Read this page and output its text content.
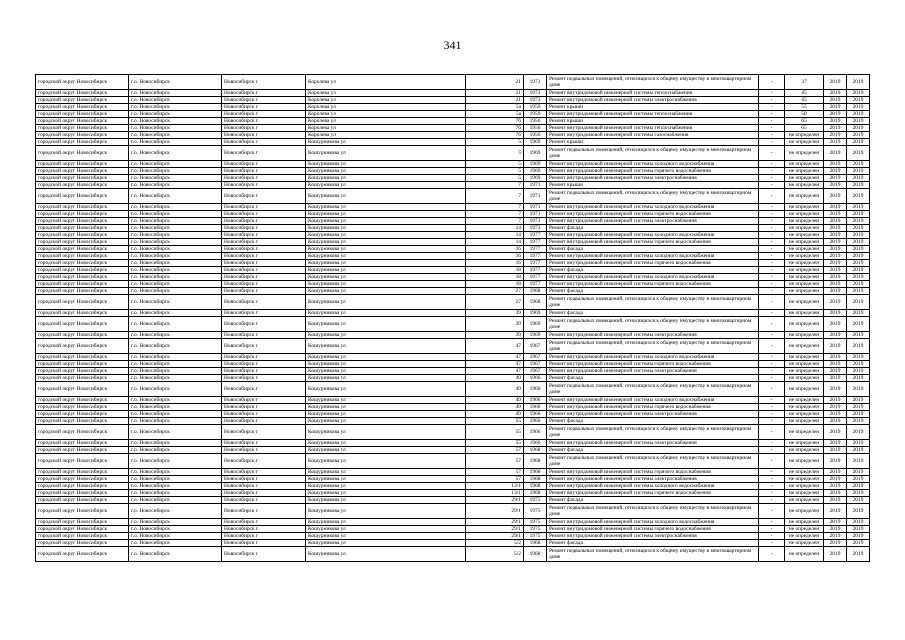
341
городской округ Новосибирск	г.о. Новосибирск	Новосибирск г	Королева ул	21	1973	Ремонт подвальных помещений, относящихся к общему имуществу в многоквартирном доме	-	37	2019	2019
городской округ Новосибирск	г.о. Новосибирск	Новосибирск г	Королева ул	21	1973	Ремонт внутридомовой инженерной системы теплоснабжения	-	45	2019	2019
городской округ Новосибирск	г.о. Новосибирск	Новосибирск г	Королева ул	21	1973	Ремонт внутридомовой инженерной системы электроснабжения	-	45	2019	2019
городской округ Новосибирск	г.о. Новосибирск	Новосибирск г	Королева ул	5а	1959	Ремонт крыши	-	55	2019	2019
городской округ Новосибирск	г.о. Новосибирск	Новосибирск г	Королева ул	5а	1959	Ремонт внутридомовой инженерной системы теплоснабжения	-	50	2019	2019
городской округ Новосибирск	г.о. Новосибирск	Новосибирск г	Королева ул	7б	1956	Ремонт крыши	-	65	2019	2019
городской округ Новосибирск	г.о. Новосибирск	Новосибирск г	Королева ул	7б	1956	Ремонт внутридомовой инженерной системы теплоснабжения	-	65	2019	2019
городской округ Новосибирск	г.о. Новосибирск	Новосибирск г	Королева ул	7б	1956	Ремонт внутридомовой инженерной системы газоснабжения	-	не определен	2019	2019
городской округ Новосибирск	г.о. Новосибирск	Новосибирск г	Кошурникова ул	5	1969	Ремонт крыши	-	не определен	2019	2019
городской округ Новосибирск	г.о. Новосибирск	Новосибирск г	Кошурникова ул	5	1969	Ремонт подвальных помещений, относящихся к общему имуществу в многоквартирном доме	-	не определен	2019	2019
городской округ Новосибирск	г.о. Новосибирск	Новосибирск г	Кошурникова ул	5	1969	Ремонт внутридомовой инженерной системы холодного водоснабжения	-	не определен	2019	2019
городской округ Новосибирск	г.о. Новосибирск	Новосибирск г	Кошурникова ул	5	1969	Ремонт внутридомовой инженерной системы горячего водоснабжения	-	не определен	2019	2019
городской округ Новосибирск	г.о. Новосибирск	Новосибирск г	Кошурникова ул	5	1969	Ремонт внутридомовой инженерной системы электроснабжения	-	не определен	2019	2019
городской округ Новосибирск	г.о. Новосибирск	Новосибирск г	Кошурникова ул	7	1971	Ремонт крыши	-	не определен	2019	2019
городской округ Новосибирск	г.о. Новосибирск	Новосибирск г	Кошурникова ул	7	1971	Ремонт подвальных помещений, относящихся к общему имуществу в многоквартирном доме	-	не определен	2019	2019
городской округ Новосибирск	г.о. Новосибирск	Новосибирск г	Кошурникова ул	7	1971	Ремонт внутридомовой инженерной системы холодного водоснабжения	-	не определен	2019	2019
городской округ Новосибирск	г.о. Новосибирск	Новосибирск г	Кошурникова ул	7	1971	Ремонт внутридомовой инженерной системы горячего водоснабжения	-	не определен	2019	2019
городской округ Новосибирск	г.о. Новосибирск	Новосибирск г	Кошурникова ул	7	1971	Ремонт внутридомовой инженерной системы электроснабжения	-	не определен	2019	2019
городской округ Новосибирск	г.о. Новосибирск	Новосибирск г	Кошурникова ул	14	1973	Ремонт фасада	-	не определен	2019	2019
городской округ Новосибирск	г.о. Новосибирск	Новосибирск г	Кошурникова ул	14	1977	Ремонт внутридомовой инженерной системы холодного водоснабжения	-	не определен	2019	2019
городской округ Новосибирск	г.о. Новосибирск	Новосибирск г	Кошурникова ул	14	1977	Ремонт внутридомовой инженерной системы горячего водоснабжения	-	не определен	2019	2019
городской округ Новосибирск	г.о. Новосибирск	Новосибирск г	Кошурникова ул	16	1977	Ремонт фасада	-	не определен	2019	2019
городской округ Новосибирск	г.о. Новосибирск	Новосибирск г	Кошурникова ул	16	1977	Ремонт внутридомовой инженерной системы холодного водоснабжения	-	не определен	2019	2019
городской округ Новосибирск	г.о. Новосибирск	Новосибирск г	Кошурникова ул	16	1977	Ремонт внутридомовой инженерной системы горячего водоснабжения	-	не определен	2019	2019
городской округ Новосибирск	г.о. Новосибирск	Новосибирск г	Кошурникова ул	18	1977	Ремонт фасада	-	не определен	2019	2019
городской округ Новосибирск	г.о. Новосибирск	Новосибирск г	Кошурникова ул	18	1977	Ремонт внутридомовой инженерной системы холодного водоснабжения	-	не определен	2019	2019
городской округ Новосибирск	г.о. Новосибирск	Новосибирск г	Кошурникова ул	18	1977	Ремонт внутридомовой инженерной системы горячего водоснабжения	-	не определен	2019	2019
городской округ Новосибирск	г.о. Новосибирск	Новосибирск г	Кошурникова ул	27	1968	Ремонт фасада	-	не определен	2019	2019
городской округ Новосибирск	г.о. Новосибирск	Новосибирск г	Кошурникова ул	27	1968	Ремонт подвальных помещений, относящихся к общему имуществу в многоквартирном доме	-	не определен	2019	2019
городской округ Новосибирск	г.о. Новосибирск	Новосибирск г	Кошурникова ул	39	1969	Ремонт фасада	-	не определен	2019	2019
городской округ Новосибирск	г.о. Новосибирск	Новосибирск г	Кошурникова ул	39	1969	Ремонт подвальных помещений, относящихся к общему имуществу в многоквартирном доме	-	не определен	2019	2019
городской округ Новосибирск	г.о. Новосибирск	Новосибирск г	Кошурникова ул	39	1969	Ремонт внутридомовой инженерной системы электроснабжения	-	не определен	2019	2019
городской округ Новосибирск	г.о. Новосибирск	Новосибирск г	Кошурникова ул	47	1967	Ремонт подвальных помещений, относящихся к общему имуществу в многоквартирном доме	-	не определен	2019	2019
городской округ Новосибирск	г.о. Новосибирск	Новосибирск г	Кошурникова ул	47	1967	Ремонт внутридомовой инженерной системы холодного водоснабжения	-	не определен	2019	2019
городской округ Новосибирск	г.о. Новосибирск	Новосибирск г	Кошурникова ул	47	1967	Ремонт внутридомовой инженерной системы горячего водоснабжения	-	не определен	2019	2019
городской округ Новосибирск	г.о. Новосибирск	Новосибирск г	Кошурникова ул	47	1967	Ремонт внутридомовой инженерной системы электроснабжения	-	не определен	2019	2019
городской округ Новосибирск	г.о. Новосибирск	Новосибирск г	Кошурникова ул	49	1966	Ремонт фасада	-	не определен	2019	2019
городской округ Новосибирск	г.о. Новосибирск	Новосибирск г	Кошурникова ул	49	1966	Ремонт подвальных помещений, относящихся к общему имуществу в многоквартирном доме	-	не определен	2019	2019
городской округ Новосибирск	г.о. Новосибирск	Новосибирск г	Кошурникова ул	49	1966	Ремонт внутридомовой инженерной системы холодного водоснабжения	-	не определен	2019	2019
городской округ Новосибирск	г.о. Новосибирск	Новосибирск г	Кошурникова ул	49	1966	Ремонт внутридомовой инженерной системы горячего водоснабжения	-	не определен	2019	2019
городской округ Новосибирск	г.о. Новосибирск	Новосибирск г	Кошурникова ул	49	1966	Ремонт внутридомовой инженерной системы электроснабжения	-	не определен	2019	2019
городской округ Новосибирск	г.о. Новосибирск	Новосибирск г	Кошурникова ул	55	1966	Ремонт фасада	-	не определен	2019	2019
городской округ Новосибирск	г.о. Новосибирск	Новосибирск г	Кошурникова ул	55	1966	Ремонт подвальных помещений, относящихся к общему имуществу в многоквартирном доме	-	не определен	2019	2019
городской округ Новосибирск	г.о. Новосибирск	Новосибирск г	Кошурникова ул	55	1966	Ремонт внутридомовой инженерной системы электроснабжения	-	не определен	2019	2019
городской округ Новосибирск	г.о. Новосибирск	Новосибирск г	Кошурникова ул	57	1968	Ремонт фасада	-	не определен	2019	2019
городской округ Новосибирск	г.о. Новосибирск	Новосибирск г	Кошурникова ул	57	1968	Ремонт подвальных помещений, относящихся к общему имуществу в многоквартирном доме	-	не определен	2019	2019
городской округ Новосибирск	г.о. Новосибирск	Новосибирск г	Кошурникова ул	57	1968	Ремонт внутридомовой инженерной системы горячего водоснабжения	-	не определен	2019	2019
городской округ Новосибирск	г.о. Новосибирск	Новосибирск г	Кошурникова ул	57	1968	Ремонт внутридомовой инженерной системы электроснабжения	-	не определен	2019	2019
городской округ Новосибирск	г.о. Новосибирск	Новосибирск г	Кошурникова ул	13/1	1968	Ремонт внутридомовой инженерной системы холодного водоснабжения	-	не определен	2019	2019
городской округ Новосибирск	г.о. Новосибирск	Новосибирск г	Кошурникова ул	13/1	1968	Ремонт внутридомовой инженерной системы горячего водоснабжения	-	не определен	2019	2019
городской округ Новосибирск	г.о. Новосибирск	Новосибирск г	Кошурникова ул	29/1	1975	Ремонт фасада	-	не определен	2019	2019
городской округ Новосибирск	г.о. Новосибирск	Новосибирск г	Кошурникова ул	29/1	1975	Ремонт подвальных помещений, относящихся к общему имуществу в многоквартирном доме	-	не определен	2019	2019
городской округ Новосибирск	г.о. Новосибирск	Новосибирск г	Кошурникова ул	29/1	1975	Ремонт внутридомовой инженерной системы холодного водоснабжения	-	не определен	2019	2019
городской округ Новосибирск	г.о. Новосибирск	Новосибирск г	Кошурникова ул	29/1	1975	Ремонт внутридомовой инженерной системы горячего водоснабжения	-	не определен	2019	2019
городской округ Новосибирск	г.о. Новосибирск	Новосибирск г	Кошурникова ул	29/1	1975	Ремонт внутридомовой инженерной системы электроснабжения	-	не определен	2019	2019
городской округ Новосибирск	г.о. Новосибирск	Новосибирск г	Кошурникова ул	5/2	1968	Ремонт фасада	-	не определен	2019	2019
городской округ Новосибирск	г.о. Новосибирск	Новосибирск г	Кошурникова ул	5/2	1968	Ремонт подвальных помещений, относящихся к общему имуществу в многоквартирном доме	-	не определен	2019	2019
